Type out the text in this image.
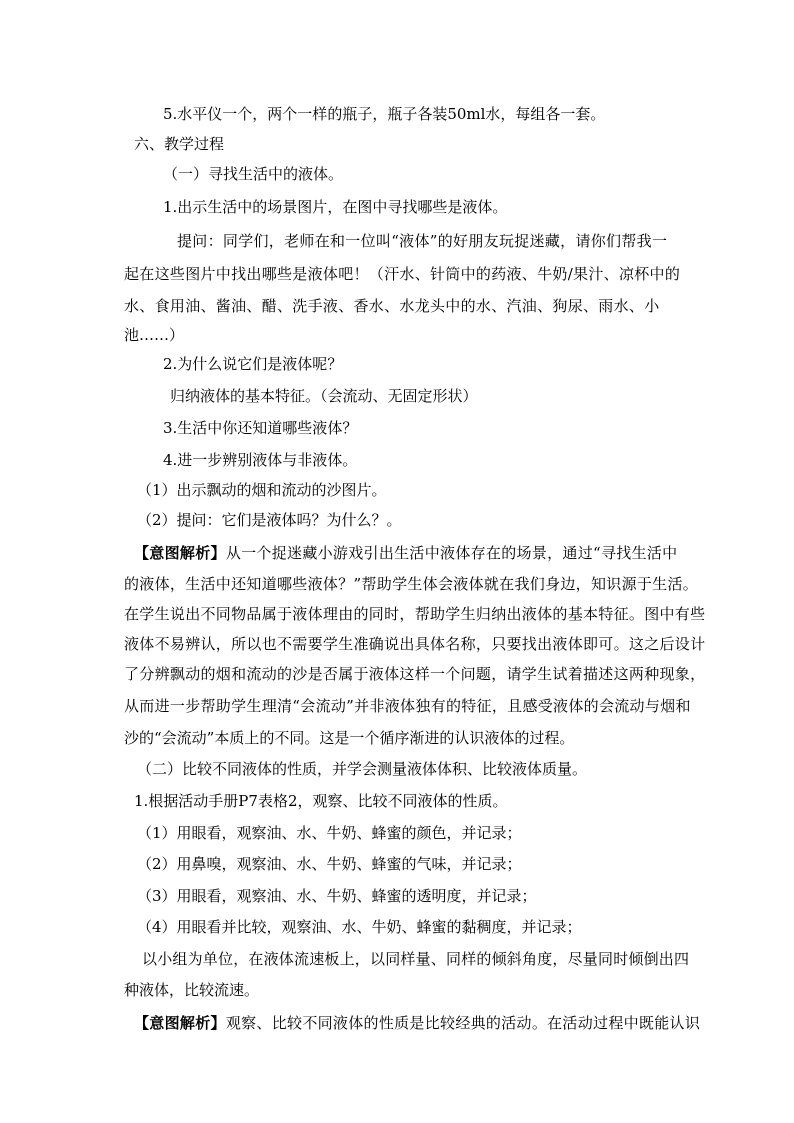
5.水平仪一个，两个一样的瓶子，瓶子各装50ml水，每组各一套。
六、教学过程
（一）寻找生活中的液体。
1.出示生活中的场景图片，在图中寻找哪些是液体。
提问：同学们，老师在和一位叫“液体”的好朋友玩捉迷藏，请你们帮我一
起在这些图片中找出哪些是液体吧！（汗水、针筒中的药液、牛奶/果汁、凉杯中的
水、食用油、酱油、醋、洗手液、香水、水龙头中的水、汽油、狗尿、雨水、小
池……）
2.为什么说它们是液体呢？
归纳液体的基本特征。（会流动、无固定形状）
3.生活中你还知道哪些液体？
4.进一步辨别液体与非液体。
（1）出示飘动的烟和流动的沙图片。
（2）提问：它们是液体吗？为什么？。
【意图解析】从一个捉迷藏小游戏引出生活中液体存在的场景，通过“寻找生活中
的液体，生活中还知道哪些液体？”帮助学生体会液体就在我们身边，知识源于生活。
在学生说出不同物品属于液体理由的同时，帮助学生归纳出液体的基本特征。图中有些
液体不易辨认，所以也不需要学生准确说出具体名称，只要找出液体即可。这之后设计
了分辨飘动的烟和流动的沙是否属于液体这样一个问题，请学生试着描述这两种现象，
从而进一步帮助学生理清“会流动”并非液体独有的特征，且感受液体的会流动与烟和
沙的“会流动”本质上的不同。这是一个循序渐进的认识液体的过程。
（二）比较不同液体的性质，并学会测量液体体积、比较液体质量。
1.根据活动手册P7表格2，观察、比较不同液体的性质。
（1）用眼看，观察油、水、牛奶、蜂蜜的颜色，并记录；
（2）用鼻嗅，观察油、水、牛奶、蜂蜜的气味，并记录；
（3）用眼看，观察油、水、牛奶、蜂蜜的透明度，并记录；
（4）用眼看并比较，观察油、水、牛奶、蜂蜜的黏稠度，并记录；
以小组为单位，在液体流速板上，以同样量、同样的倾斜角度，尽量同时倾倒出四
种液体，比较流速。
【意图解析】观察、比较不同液体的性质是比较经典的活动。在活动过程中既能认识
